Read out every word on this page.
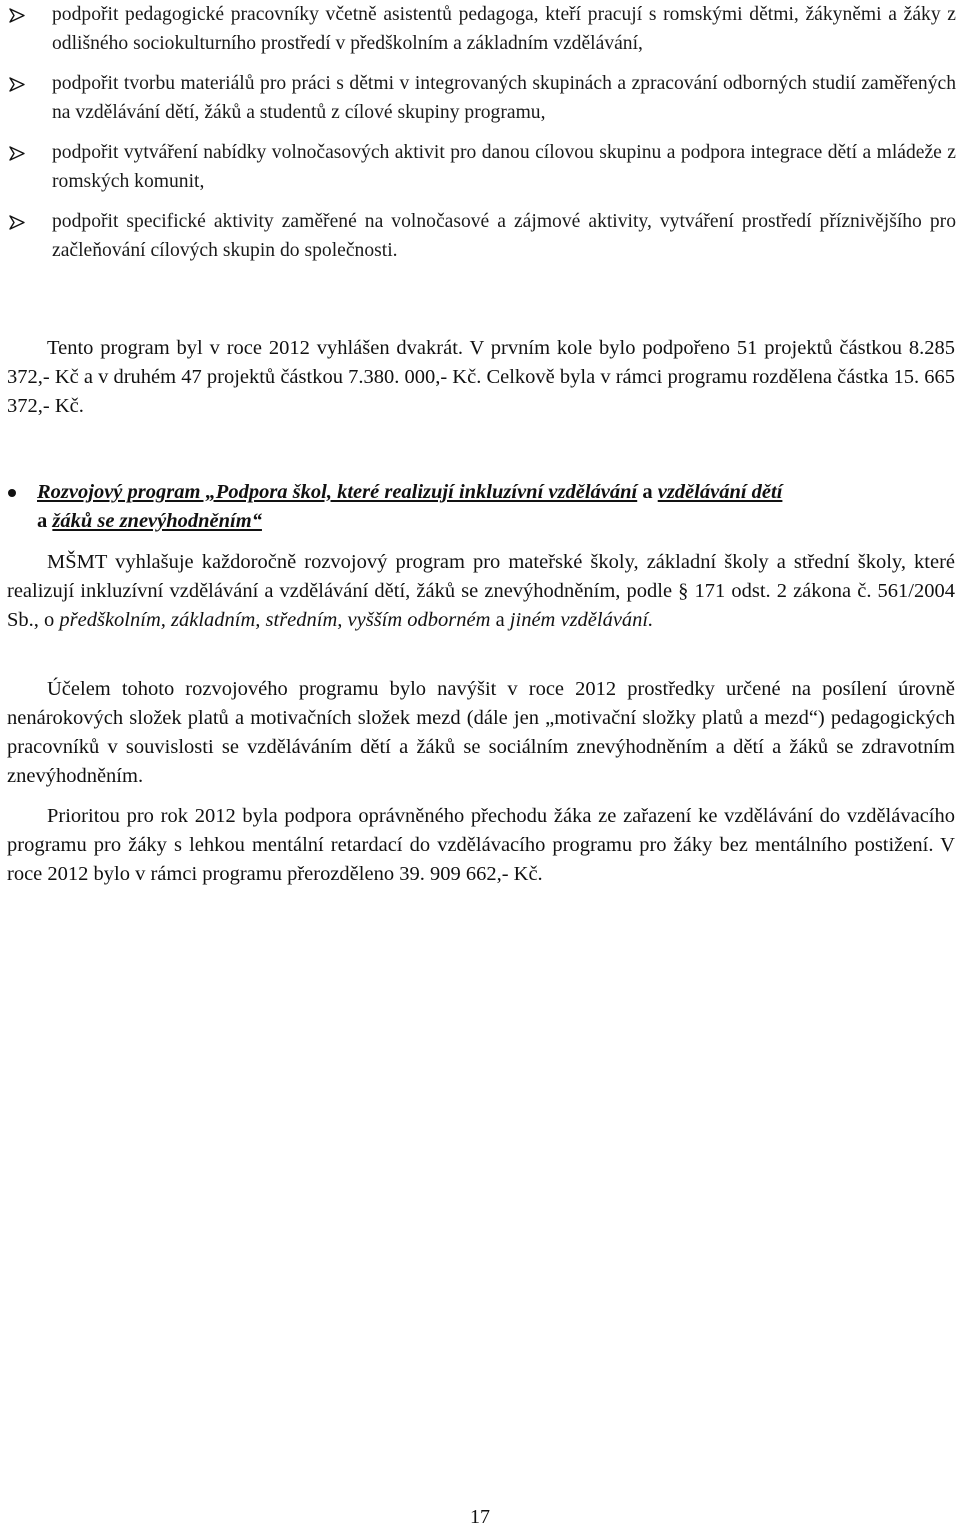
podpořit pedagogické pracovníky včetně asistentů pedagoga, kteří pracují s romskými dětmi, žákyněmi a žáky z odlišného sociokulturního prostředí v předškolním a základním vzdělávání,
podpořit tvorbu materiálů pro práci s dětmi v integrovaných skupinách a zpracování odborných studií zaměřených na vzdělávání dětí, žáků a studentů z cílové skupiny programu,
podpořit vytváření nabídky volnočasových aktivit pro danou cílovou skupinu a podpora integrace dětí a mládeže z romských komunit,
podpořit specifické aktivity zaměřené na volnočasové a zájmové aktivity, vytváření prostředí příznivějšího pro začleňování cílových skupin do společnosti.

Tento program byl v roce 2012 vyhlášen dvakrát. V prvním kole bylo podpořeno 51 projektů částkou 8.285 372,- Kč a v druhém 47 projektů částkou 7.380. 000,- Kč. Celkově byla v rámci programu rozdělena částka 15. 665 372,- Kč.

Rozvojový program „Podpora škol, které realizují inkluzívní vzdělávání a vzdělávání dětí
a žáků se znevýhodněním“

MŠMT vyhlašuje každoročně rozvojový program pro mateřské školy, základní školy a střední školy, které realizují inkluzívní vzdělávání a vzdělávání dětí, žáků se znevýhodněním, podle § 171 odst. 2 zákona č. 561/2004 Sb., o předškolním, základním, středním, vyšším odborném a jiném vzdělávání.

Účelem tohoto rozvojového programu bylo navýšit v roce 2012 prostředky určené na posílení úrovně nenárokových složek platů a motivačních složek mezd (dále jen „motivační složky platů a mezd“) pedagogických pracovníků v souvislosti se vzděláváním dětí a žáků se sociálním znevýhodněním a dětí a žáků se zdravotním znevýhodněním.

Prioritou pro rok 2012 byla podpora oprávněného přechodu žáka ze zařazení ke vzdělávání do vzdělávacího programu pro žáky s lehkou mentální retardací do vzdělávacího programu pro žáky bez mentálního postižení. V roce 2012 bylo v rámci programu přerozděleno 39. 909 662,- Kč.

17
